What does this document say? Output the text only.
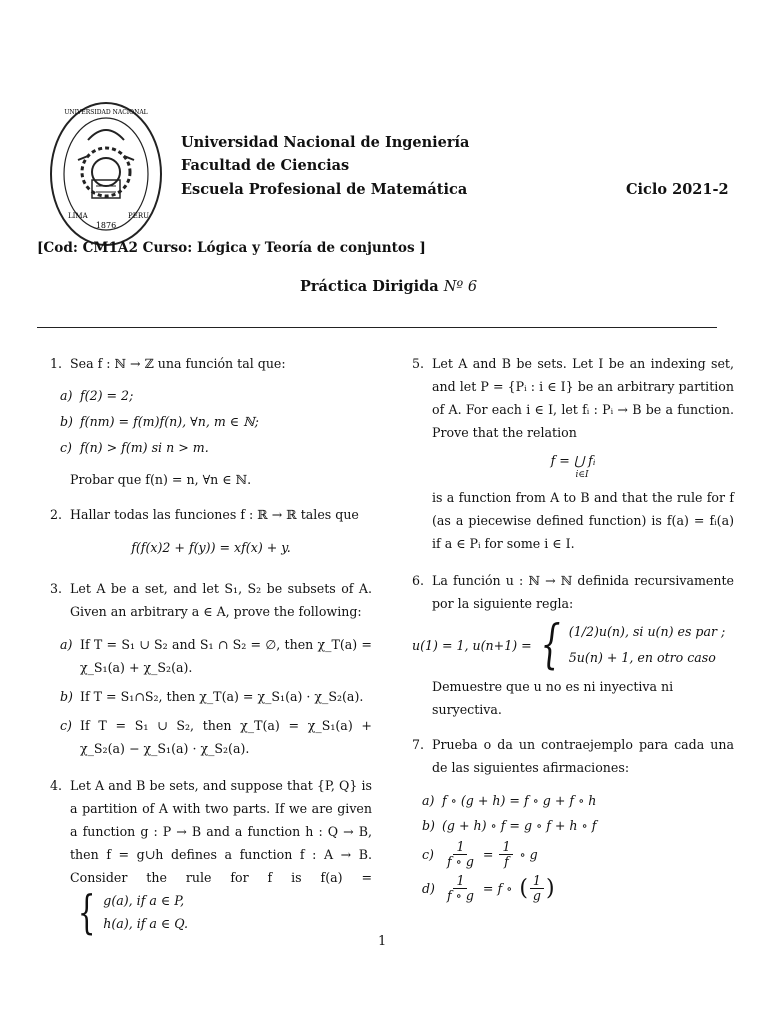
1876
LIMA	PERU
UNIVERSIDAD NACIONAL
Universidad Nacional de Ingeniería
Facultad de Ciencias
Escuela Profesional de Matemática	Ciclo 2021-2
[Cod: CM1A2 Curso: Lógica y Teoría de conjuntos ]
Práctica Dirigida Nº 6
1. Sea f : ℕ → ℤ una función tal que:
a) f(2) = 2;
b) f(nm) = f(m)f(n), ∀n, m ∈ ℕ;
c) f(n) > f(m) si n > m.
Probar que f(n) = n, ∀n ∈ ℕ.
2. Hallar todas las funciones f : ℝ → ℝ tales que
f(f(x)2 + f(y)) = xf(x) + y.
3. Let A be a set, and let S₁, S₂ be subsets of A. Given an arbitrary a ∈ A, prove the following:
a) If T = S₁ ∪ S₂ and S₁ ∩ S₂ = ∅, then χ_T(a) = χ_S₁(a) + χ_S₂(a).
b) If T = S₁∩S₂, then χ_T(a) = χ_S₁(a) · χ_S₂(a).
c) If T = S₁ ∪ S₂, then χ_T(a) = χ_S₁(a) + χ_S₂(a) − χ_S₁(a) · χ_S₂(a).
4. Let A and B be sets, and suppose that {P, Q} is a partition of A with two parts. If we are given a function g : P → B and a function h : Q → B, then f = g∪h defines a function f : A → B. Consider the rule for f is f(a) =
{ g(a), if a ∈ P,
h(a), if a ∈ Q.
5. Let A and B be sets. Let I be an indexing set, and let P = {Pᵢ : i ∈ I} be an arbitrary partition of A. For each i ∈ I, let fᵢ : Pᵢ → B be a function. Prove that the relation
f = ⋃ fᵢ
i∈I
is a function from A to B and that the rule for f (as a piecewise defined function) is f(a) = fᵢ(a) if a ∈ Pᵢ for some i ∈ I.
6. La función u : ℕ → ℕ definida recursivamente por la siguiente regla:
u(1) = 1, u(n+1) = { (1/2)u(n), si u(n) es par ;
5u(n) + 1, en otro caso
Demuestre que u no es ni inyectiva ni suryectiva.
7. Prueba o da un contraejemplo para cada una de las siguientes afirmaciones:
a) f ∘ (g + h) = f ∘ g + f ∘ h
b) (g + h) ∘ f = g ∘ f + h ∘ f
$c) \frac{1}{f \circ g} = \frac{1}{f}$
∘ g
$d) \frac{1}{f \circ g}$
= f ∘ ( $\frac{1}{g}$ )
1
